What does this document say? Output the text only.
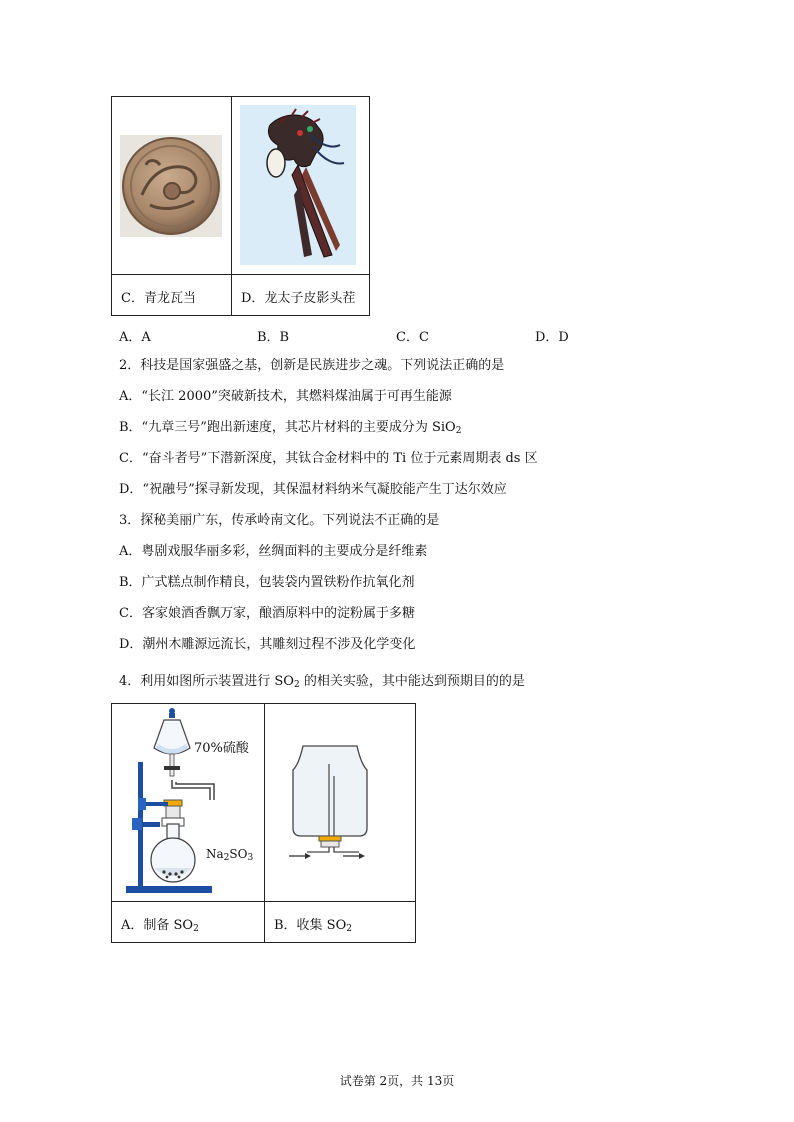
C．青龙瓦当	D．龙太子皮影头茬
A．A	B．B	C．C	D．D
2．科技是国家强盛之基，创新是民族进步之魂。下列说法正确的是
A．“长江 2000”突破新技术，其燃料煤油属于可再生能源
B．“九章三号”跑出新速度，其芯片材料的主要成分为 SiO$_2$
C．“奋斗者号”下潜新深度，其钛合金材料中的 Ti 位于元素周期表 ds 区
D．“祝融号”探寻新发现，其保温材料纳米气凝胶能产生丁达尔效应
3．探秘美丽广东，传承岭南文化。下列说法不正确的是
A．粤剧戏服华丽多彩，丝绸面料的主要成分是纤维素
B．广式糕点制作精良，包装袋内置铁粉作抗氧化剂
C．客家娘酒香飘万家，酿酒原料中的淀粉属于多糖
D．潮州木雕源远流长，其雕刻过程不涉及化学变化
4．利用如图所示装置进行 $SO_2$ 的相关实验，其中能达到预期目的的是
70%硫酸
$Na_2SO_3$
A．制备 $SO_2$	B．收集 $SO_2$
试卷第 2页，共 13页
